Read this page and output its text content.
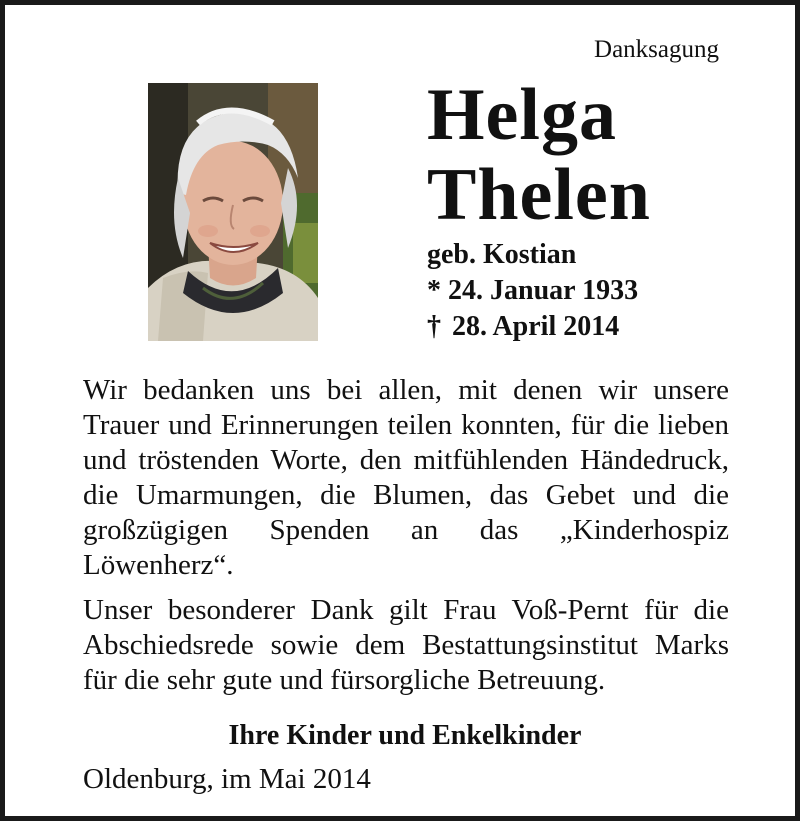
Danksagung
Helga
Thelen
geb. Kostian
* 24. Januar 1933
† 28. April 2014

Wir bedanken uns bei allen, mit denen wir unsere Trauer und Erinnerungen teilen konnten, für die lieben und tröstenden Worte, den mitfühlenden Händedruck, die Umarmungen, die Blumen, das Gebet und die großzügigen Spenden an das „Kinderhospiz Löwenherz“.

Unser besonderer Dank gilt Frau Voß-Pernt für die Abschiedsrede sowie dem Bestattungsinstitut Marks für die sehr gute und fürsorgliche Betreuung.

Ihre Kinder und Enkelkinder
Oldenburg, im Mai 2014
